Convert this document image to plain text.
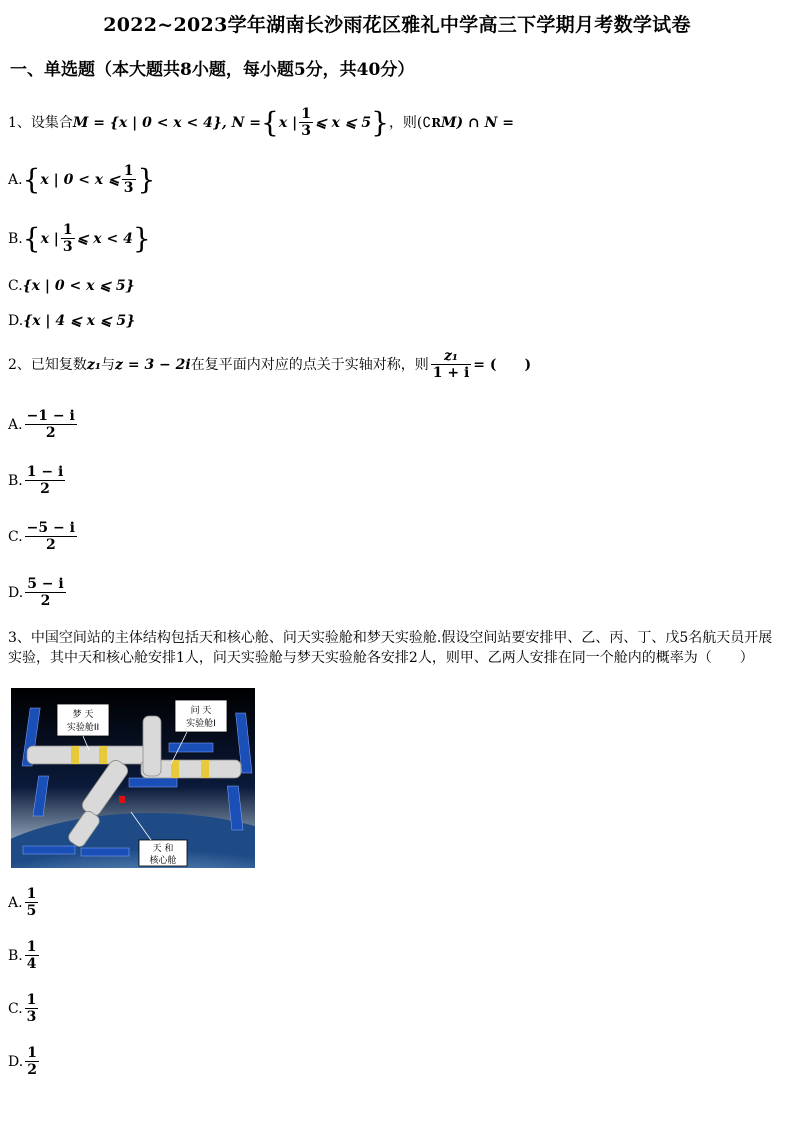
2022~2023学年湖南长沙雨花区雅礼中学高三下学期月考数学试卷
一、单选题（本大题共8小题，每小题5分，共40分）
1、设集合 M = {x | 0 < x < 4}, N = { x | $\frac{1}{3}$ ⩽ x ⩽ 5 } ，则(∁ R M) ∩ N =
A. { x | 0 < x ⩽ $\frac{1}{3}$ }
B. { x | $\frac{1}{3}$ ⩽ x < 4 }
C.{x | 0 < x ⩽ 5}
D.{x | 4 ⩽ x ⩽ 5}
2、已知复数 z₁ 与 z = 3 − 2i 在复平面内对应的点关于实轴对称，则 $\frac{\text{z₁}}{1 + i}$ = (　　)
A. $\frac{-1 - i}{2}$
B. $\frac{1 - i}{2}$
C. $\frac{-5 - i}{2}$
D. $\frac{5 - i}{2}$
3、中国空间站的主体结构包括天和核心舱、问天实验舱和梦天实验舱.假设空间站要安排甲、乙、丙、丁、戊5名航天员开展实验，其中天和核心舱安排1人，问天实验舱与梦天实验舱各安排2人，则甲、乙两人安排在同一个舱内的概率为（　　）
梦 天
实验舱II
问 天
实验舱I
天 和
核心舱
A. $\frac{1}{5}$
B. $\frac{1}{4}$
C. $\frac{1}{3}$
D. $\frac{1}{2}$
